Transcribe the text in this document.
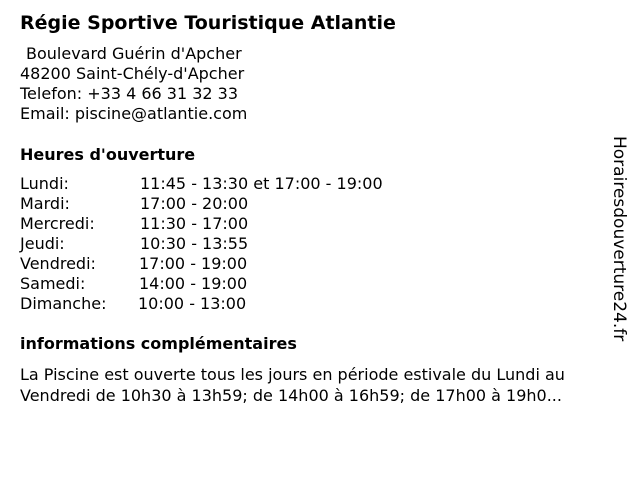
Régie Sportive Touristique Atlantie
Boulevard Guérin d'Apcher
48200 Saint-Chély-d'Apcher
Telefon: +33 4 66 31 32 33
Email: piscine@atlantie.com
Heures d'ouverture
Lundi:	11:45 - 13:30 et 17:00 - 19:00
Mardi:	17:00 - 20:00
Mercredi:	11:30 - 17:00
Jeudi:	10:30 - 13:55
Vendredi:	17:00 - 19:00
Samedi:	14:00 - 19:00
Dimanche: 10:00 - 13:00
informations complémentaires
La Piscine est ouverte tous les jours en période estivale du Lundi au Vendredi de 10h30 à 13h59; de 14h00 à 16h59; de 17h00 à 19h0...
Horairesdouverture24.fr
